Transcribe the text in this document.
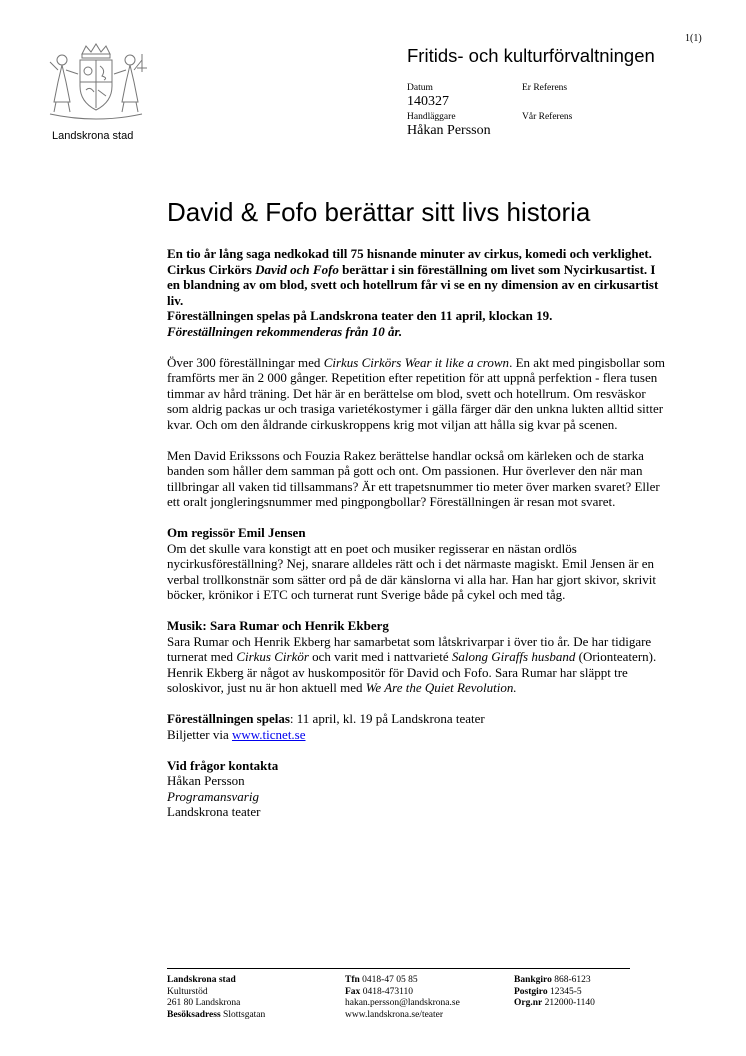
1(1)
Landskrona stad
Fritids- och kulturförvaltningen
Datum
140327
Er Referens
Handläggare
Håkan Persson
Vår Referens
David & Fofo berättar sitt livs historia

En tio år lång saga nedkokad till 75 hisnande minuter av cirkus, komedi och verklighet. Cirkus Cirkörs David och Fofo berättar i sin föreställning om livet som Nycirkusartist. I en blandning av om blod, svett och hotellrum får vi se en ny dimension av en cirkusartist liv.

Föreställningen spelas på Landskrona teater den 11 april, klockan 19.

Föreställningen rekommenderas från 10 år.

Över 300 föreställningar med Cirkus Cirkörs Wear it like a crown. En akt med pingisbollar som framförts mer än 2 000 gånger. Repetition efter repetition för att uppnå perfektion - flera tusen timmar av hård träning. Det här är en berättelse om blod, svett och hotellrum. Om resväskor som aldrig packas ur och trasiga varietékostymer i gälla färger där den unkna lukten alltid sitter kvar. Och om den åldrande cirkuskroppens krig mot viljan att hålla sig kvar på scenen.

Men David Erikssons och Fouzia Rakez berättelse handlar också om kärleken och de starka banden som håller dem samman på gott och ont. Om passionen. Hur överlever den när man tillbringar all vaken tid tillsammans? Är ett trapetsnummer tio meter över marken svaret? Eller ett oralt jongleringsnummer med pingpongbollar? Föreställningen är resan mot svaret.

Om regissör Emil Jensen

Om det skulle vara konstigt att en poet och musiker regisserar en nästan ordlös nycirkusföreställning? Nej, snarare alldeles rätt och i det närmaste magiskt. Emil Jensen är en verbal trollkonstnär som sätter ord på de där känslorna vi alla har. Han har gjort skivor, skrivit böcker, krönikor i ETC och turnerat runt Sverige både på cykel och med tåg.

Musik: Sara Rumar och Henrik Ekberg

Sara Rumar och Henrik Ekberg har samarbetat som låtskrivarpar i över tio år. De har tidigare turnerat med Cirkus Cirkör och varit med i nattvarieté Salong Giraffs husband (Orionteatern). Henrik Ekberg är något av huskompositör för David och Fofo. Sara Rumar har släppt tre soloskivor, just nu är hon aktuell med We Are the Quiet Revolution.

Föreställningen spelas: 11 april, kl. 19 på Landskrona teater

Biljetter via www.ticnet.se

Vid frågor kontakta

Håkan Persson

Programansvarig

Landskrona teater

Landskrona stad
Kulturstöd
261 80 Landskrona
Besöksadress Slottsgatan
Tfn 0418-47 05 85
Fax 0418-473110
hakan.persson@landskrona.se
www.landskrona.se/teater
Bankgiro 868-6123
Postgiro 12345-5
Org.nr 212000-1140
